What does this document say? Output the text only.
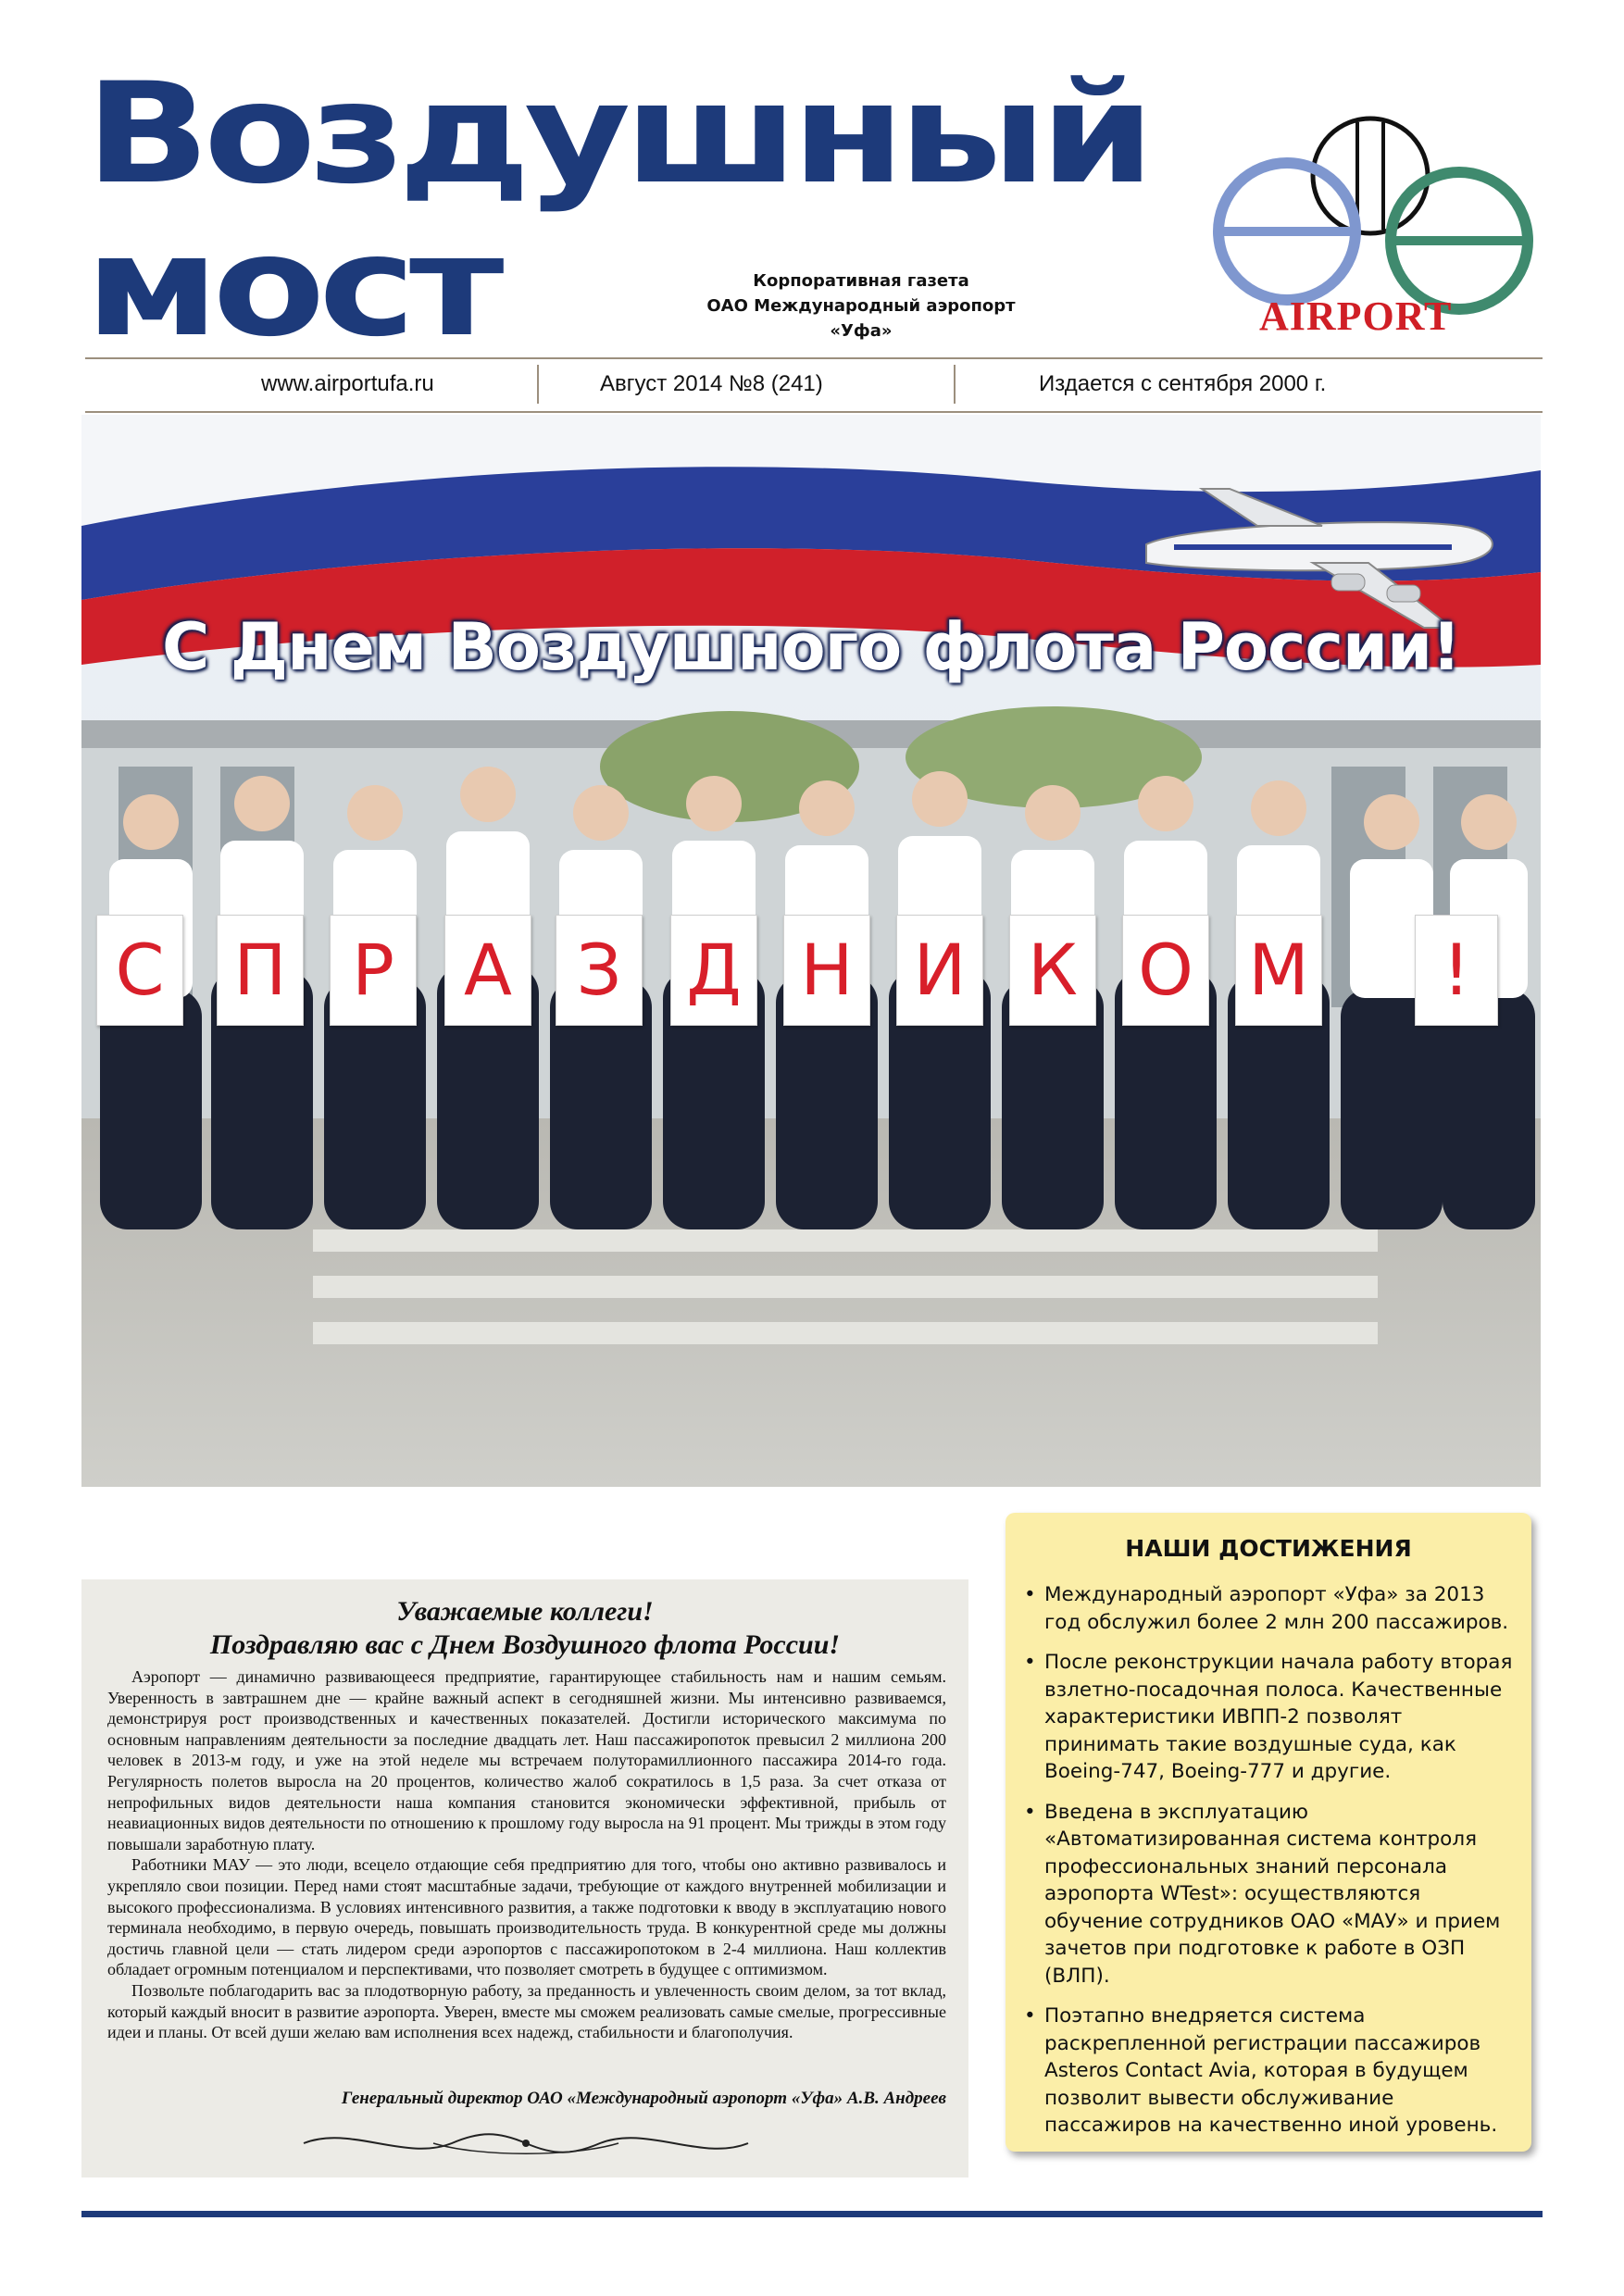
Воздушный
мост	Корпоративная газета
ОАО Международный аэропорт
«Уфа»	AIRPORT
www.airportufa.ru	Август 2014 №8 (241)	Издается с сентября 2000 г.
С Днем Воздушного флота России!
С П Р А З Д Н И К О М	!
Уважаемые коллеги!
Поздравляю вас с Днем Воздушного флота России!

Аэропорт — динамично развивающееся предприятие, гарантирующее стабильность нам и нашим семьям. Уверенность в завтрашнем дне — крайне важный аспект в сегодняшней жизни. Мы интенсивно развиваемся, демонстрируя рост производственных и качественных показателей. Достигли исторического максимума по основным направлениям деятельности за последние двадцать лет. Наш пассажиропоток превысил 2 миллиона 200 человек в 2013-м году, и уже на этой неделе мы встречаем полуторамиллионного пассажира 2014-го года. Регулярность полетов выросла на 20 процентов, количество жалоб сократилось в 1,5 раза. За счет отказа от непрофильных видов деятельности наша компания становится экономически эффективной, прибыль от неавиационных видов деятельности по отношению к прошлому году выросла на 91 процент. Мы трижды в этом году повышали заработную плату.

Работники МАУ — это люди, всецело отдающие себя предприятию для того, чтобы оно активно развивалось и укрепляло свои позиции. Перед нами стоят масштабные задачи, требующие от каждого внутренней мобилизации и высокого профессионализма. В условиях интенсивного развития, а также подготовки к вводу в эксплуатацию нового терминала необходимо, в первую очередь, повышать производительность труда. В конкурентной среде мы должны достичь главной цели — стать лидером среди аэропортов с пассажиропотоком в 2-4 миллиона. Наш коллектив обладает огромным потенциалом и перспективами, что позволяет смотреть в будущее с оптимизмом.

Позвольте поблагодарить вас за плодотворную работу, за преданность и увлеченность своим делом, за тот вклад, который каждый вносит в развитие аэропорта. Уверен, вместе мы сможем реализовать самые смелые, прогрессивные идеи и планы. От всей души желаю вам исполнения всех надежд, стабильности и благополучия.

Генеральный директор ОАО «Международный аэропорт «Уфа» А.В. Андреев
НАШИ ДОСТИЖЕНИЯ
• Международный аэропорт «Уфа» за 2013 год обслужил более 2 млн 200 пассажиров.
• После реконструкции начала работу вторая взлетно-посадочная полоса. Качественные характеристики ИВПП-2 позволят принимать такие воздушные суда, как Boeing-747, Boeing-777 и другие.
• Введена в эксплуатацию «Автоматизированная система контроля профессиональных знаний персонала аэропорта WTest»: осуществляются обучение сотрудников ОАО «МАУ» и прием зачетов при подготовке к работе в ОЗП (ВЛП).
• Поэтапно внедряется система раскрепленной регистрации пассажиров Asteros Contact Avia, которая в будущем позволит вывести обслуживание пассажиров на качественно иной уровень.
